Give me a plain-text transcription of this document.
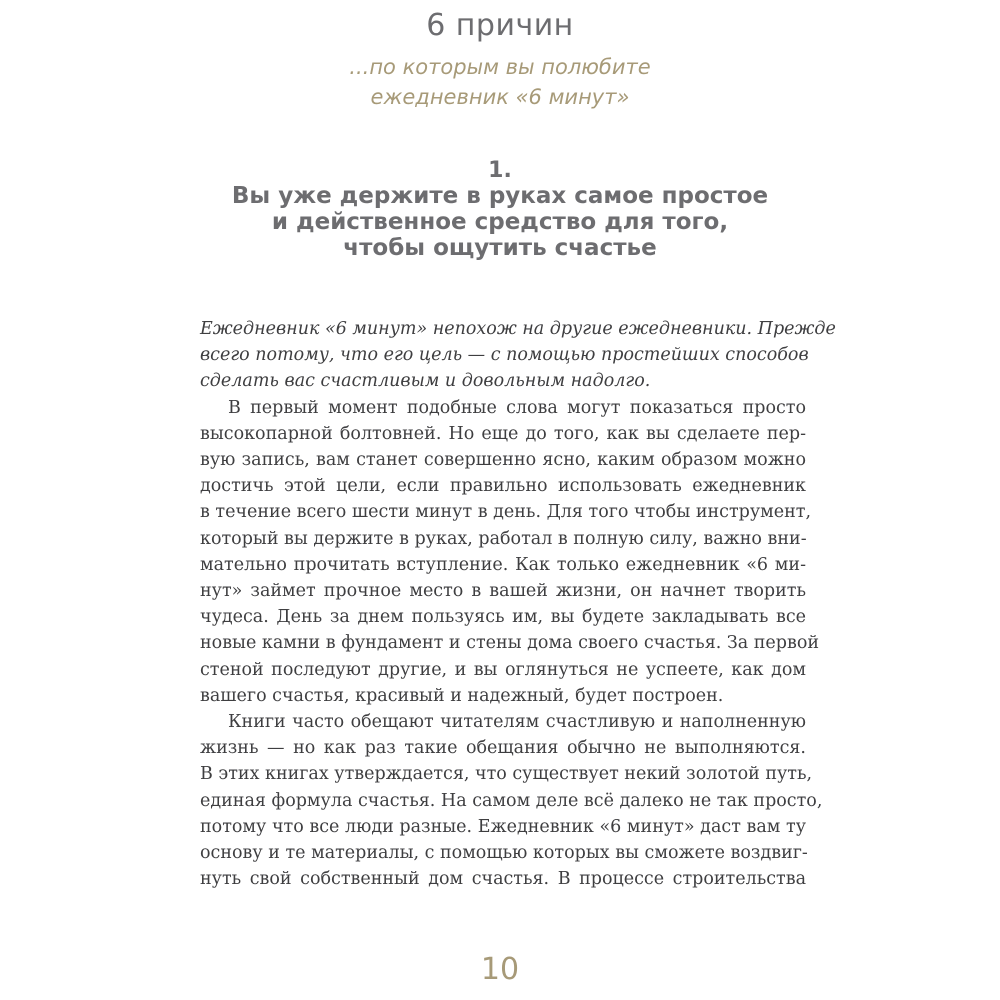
6 причин
...по которым вы полюбите
ежедневник «6 минут»
1.
Вы уже держите в руках самое простое
и действенное средство для того,
чтобы ощутить счастье
Ежедневник «6 минут» непохож на другие ежедневники. Прежде
всего потому, что его цель — с помощью простейших способов
сделать вас счастливым и довольным надолго.
В первый момент подобные слова могут показаться просто
высокопарной болтовней. Но еще до того, как вы сделаете пер-
вую запись, вам станет совершенно ясно, каким образом можно
достичь этой цели, если правильно использовать ежедневник
в течение всего шести минут в день. Для того чтобы инструмент,
который вы держите в руках, работал в полную силу, важно вни-
мательно прочитать вступление. Как только ежедневник «6 ми-
нут» займет прочное место в вашей жизни, он начнет творить
чудеса. День за днем пользуясь им, вы будете закладывать все
новые камни в фундамент и стены дома своего счастья. За первой
стеной последуют другие, и вы оглянуться не успеете, как дом
вашего счастья, красивый и надежный, будет построен.
Книги часто обещают читателям счастливую и наполненную
жизнь — но как раз такие обещания обычно не выполняются.
В этих книгах утверждается, что существует некий золотой путь,
единая формула счастья. На самом деле всё далеко не так просто,
потому что все люди разные. Ежедневник «6 минут» даст вам ту
основу и те материалы, с помощью которых вы сможете воздвиг-
нуть свой собственный дом счастья. В процессе строительства
10
